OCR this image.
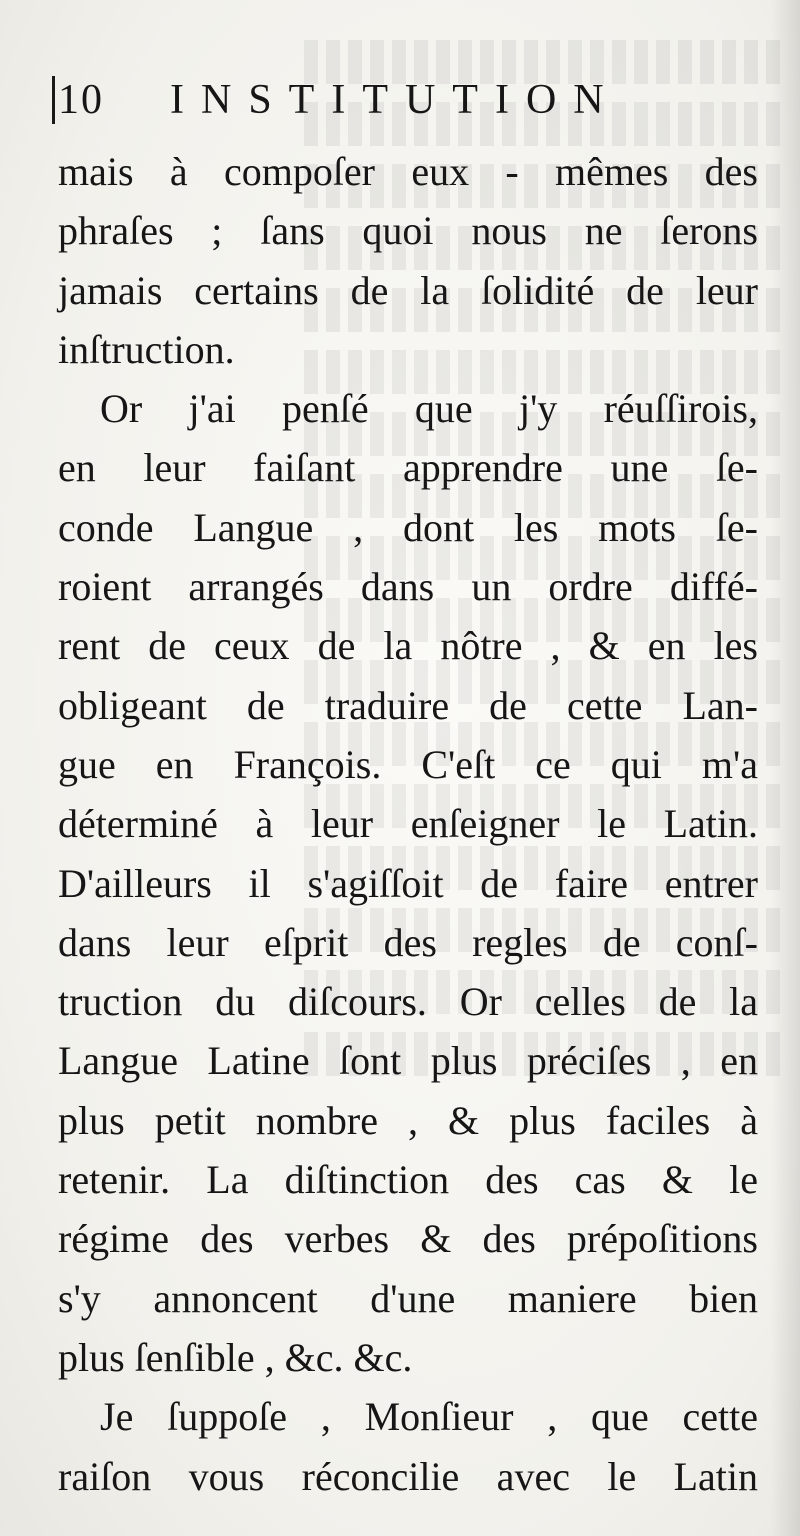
10 INSTITUTION
mais à compoſer eux - mêmes des
phraſes ; ſans quoi nous ne ſerons
jamais certains de la ſolidité de leur
inſtruction.
Or j'ai penſé que j'y réuſſirois,
en leur faiſant apprendre une ſe-
conde Langue , dont les mots ſe-
roient arrangés dans un ordre diffé-
rent de ceux de la nôtre , & en les
obligeant de traduire de cette Lan-
gue en François. C'eſt ce qui m'a
déterminé à leur enſeigner le Latin.
D'ailleurs il s'agiſſoit de faire entrer
dans leur eſprit des regles de conſ-
truction du diſcours. Or celles de la
Langue Latine ſont plus préciſes , en
plus petit nombre , & plus faciles à
retenir. La diſtinction des cas & le
régime des verbes & des prépoſitions
s'y annoncent d'une maniere bien
plus ſenſible , &c. &c.
Je ſuppoſe , Monſieur , que cette
raiſon vous réconcilie avec le Latin
